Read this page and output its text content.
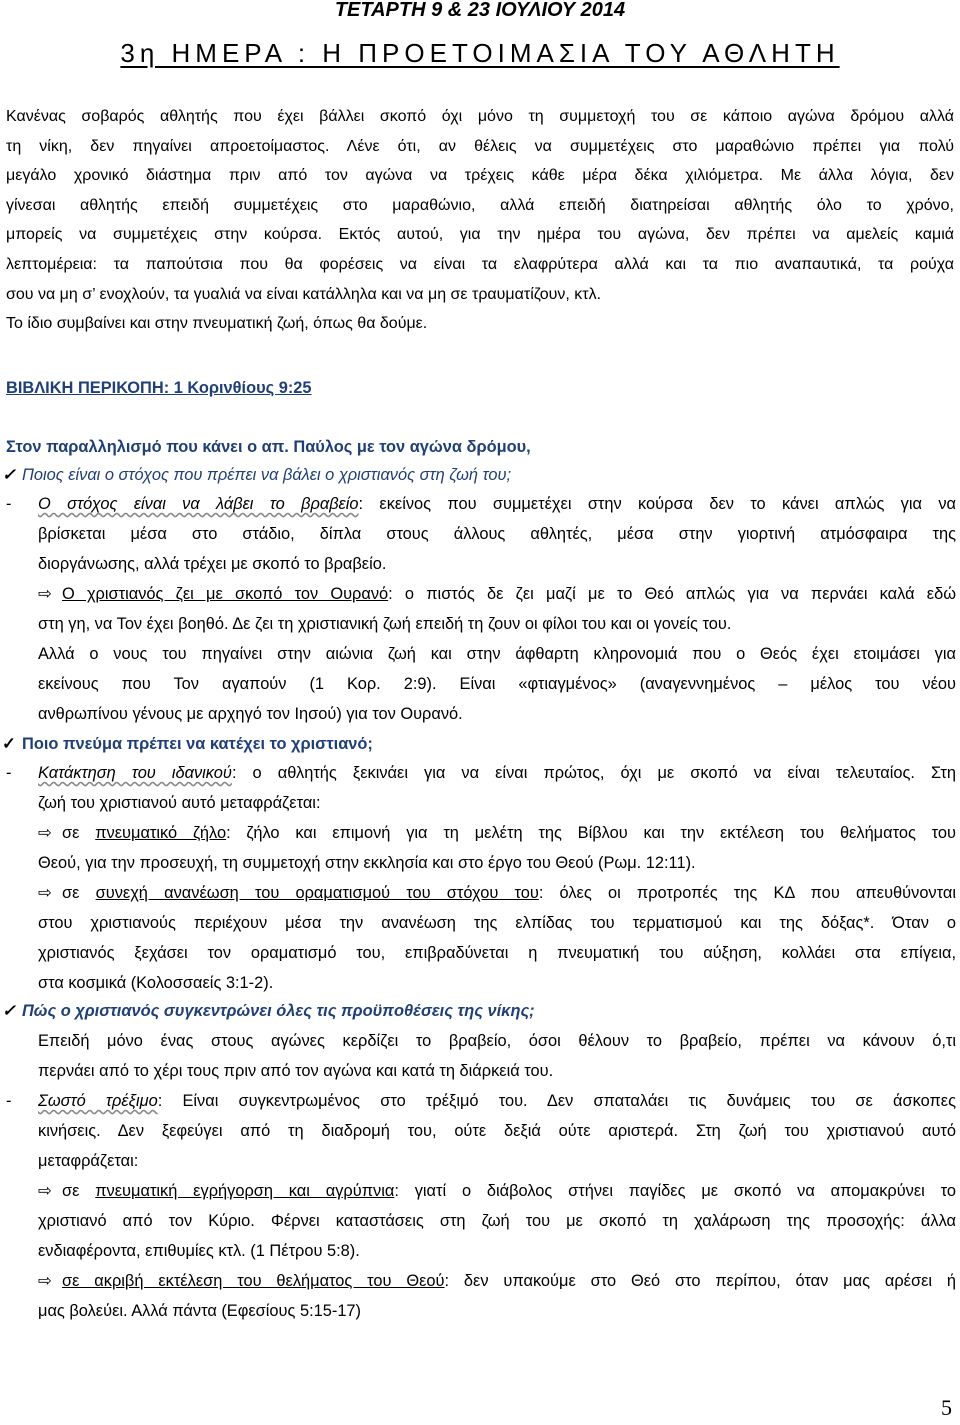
ΤΕΤΑΡΤΗ 9 & 23 ΙΟΥΛΙΟΥ 2014
3η ΗΜΕΡΑ : Η ΠΡΟΕΤΟΙΜΑΣΙΑ ΤΟΥ ΑΘΛΗΤΗ

Κανένας σοβαρός αθλητής που έχει βάλλει σκοπό όχι μόνο τη συμμετοχή του σε κάποιο αγώνα δρόμου αλλά

τη νίκη, δεν πηγαίνει απροετοίμαστος. Λένε ότι, αν θέλεις να συμμετέχεις στο μαραθώνιο πρέπει για πολύ

μεγάλο χρονικό διάστημα πριν από τον αγώνα να τρέχεις κάθε μέρα δέκα χιλιόμετρα. Με άλλα λόγια, δεν

γίνεσαι αθλητής επειδή συμμετέχεις στο μαραθώνιο, αλλά επειδή διατηρείσαι αθλητής όλο το χρόνο,

μπορείς να συμμετέχεις στην κούρσα. Εκτός αυτού, για την ημέρα του αγώνα, δεν πρέπει να αμελείς καμιά

λεπτομέρεια: τα παπούτσια που θα φορέσεις να είναι τα ελαφρύτερα αλλά και τα πιο αναπαυτικά, τα ρούχα

σου να μη σ’ ενοχλούν, τα γυαλιά να είναι κατάλληλα και να μη σε τραυματίζουν, κτλ.

Το ίδιο συμβαίνει και στην πνευματική ζωή, όπως θα δούμε.

ΒΙΒΛΙΚΗ ΠΕΡΙΚΟΠΗ: 1 Κορινθίους 9:25
Στον παραλληλισμό που κάνει ο απ. Παύλος με τον αγώνα δρόμου,
✓ Ποιος είναι ο στόχος που πρέπει να βάλει ο χριστιανός στη ζωή του;
- Ο στόχος είναι να λάβει το βραβείο: εκείνος που συμμετέχει στην κούρσα δεν το κάνει απλώς για να
βρίσκεται μέσα στο στάδιο, δίπλα στους άλλους αθλητές, μέσα στην γιορτινή ατμόσφαιρα της
διοργάνωσης, αλλά τρέχει με σκοπό το βραβείο.
⇨ Ο χριστιανός ζει με σκοπό τον Ουρανό: ο πιστός δε ζει μαζί με το Θεό απλώς για να περνάει καλά εδώ
στη γη, να Τον έχει βοηθό. Δε ζει τη χριστιανική ζωή επειδή τη ζουν οι φίλοι του και οι γονείς του.
Αλλά ο νους του πηγαίνει στην αιώνια ζωή και στην άφθαρτη κληρονομιά που ο Θεός έχει ετοιμάσει για
εκείνους που Τον αγαπούν (1 Κορ. 2:9). Είναι «φτιαγμένος» (αναγεννημένος – μέλος του νέου
ανθρωπίνου γένους με αρχηγό τον Ιησού) για τον Ουρανό.
✓ Ποιο πνεύμα πρέπει να κατέχει το χριστιανό;
- Κατάκτηση του ιδανικού: ο αθλητής ξεκινάει για να είναι πρώτος, όχι με σκοπό να είναι τελευταίος. Στη
ζωή του χριστιανού αυτό μεταφράζεται:
⇨ σε πνευματικό ζήλο: ζήλο και επιμονή για τη μελέτη της Βίβλου και την εκτέλεση του θελήματος του
Θεού, για την προσευχή, τη συμμετοχή στην εκκλησία και στο έργο του Θεού (Ρωμ. 12:11).
⇨ σε συνεχή ανανέωση του οραματισμού του στόχου του: όλες οι προτροπές της ΚΔ που απευθύνονται
στου χριστιανούς περιέχουν μέσα την ανανέωση της ελπίδας του τερματισμού και της δόξας*. Όταν ο
χριστιανός ξεχάσει τον οραματισμό του, επιβραδύνεται η πνευματική του αύξηση, κολλάει στα επίγεια,
στα κοσμικά (Κολοσσαείς 3:1-2).
✓ Πώς ο χριστιανός συγκεντρώνει όλες τις προϋποθέσεις της νίκης;
Επειδή μόνο ένας στους αγώνες κερδίζει το βραβείο, όσοι θέλουν το βραβείο, πρέπει να κάνουν ό,τι
περνάει από το χέρι τους πριν από τον αγώνα και κατά τη διάρκειά του.
- Σωστό τρέξιμο: Είναι συγκεντρωμένος στο τρέξιμό του. Δεν σπαταλάει τις δυνάμεις του σε άσκοπες
κινήσεις. Δεν ξεφεύγει από τη διαδρομή του, ούτε δεξιά ούτε αριστερά. Στη ζωή του χριστιανού αυτό
μεταφράζεται:
⇨ σε πνευματική εγρήγορση και αγρύπνια: γιατί ο διάβολος στήνει παγίδες με σκοπό να απομακρύνει το
χριστιανό από τον Κύριο. Φέρνει καταστάσεις στη ζωή του με σκοπό τη χαλάρωση της προσοχής: άλλα
ενδιαφέροντα, επιθυμίες κτλ. (1 Πέτρου 5:8).
⇨ σε ακριβή εκτέλεση του θελήματος του Θεού: δεν υπακούμε στο Θεό στο περίπου, όταν μας αρέσει ή
μας βολεύει. Αλλά πάντα (Εφεσίους 5:15-17)
5
